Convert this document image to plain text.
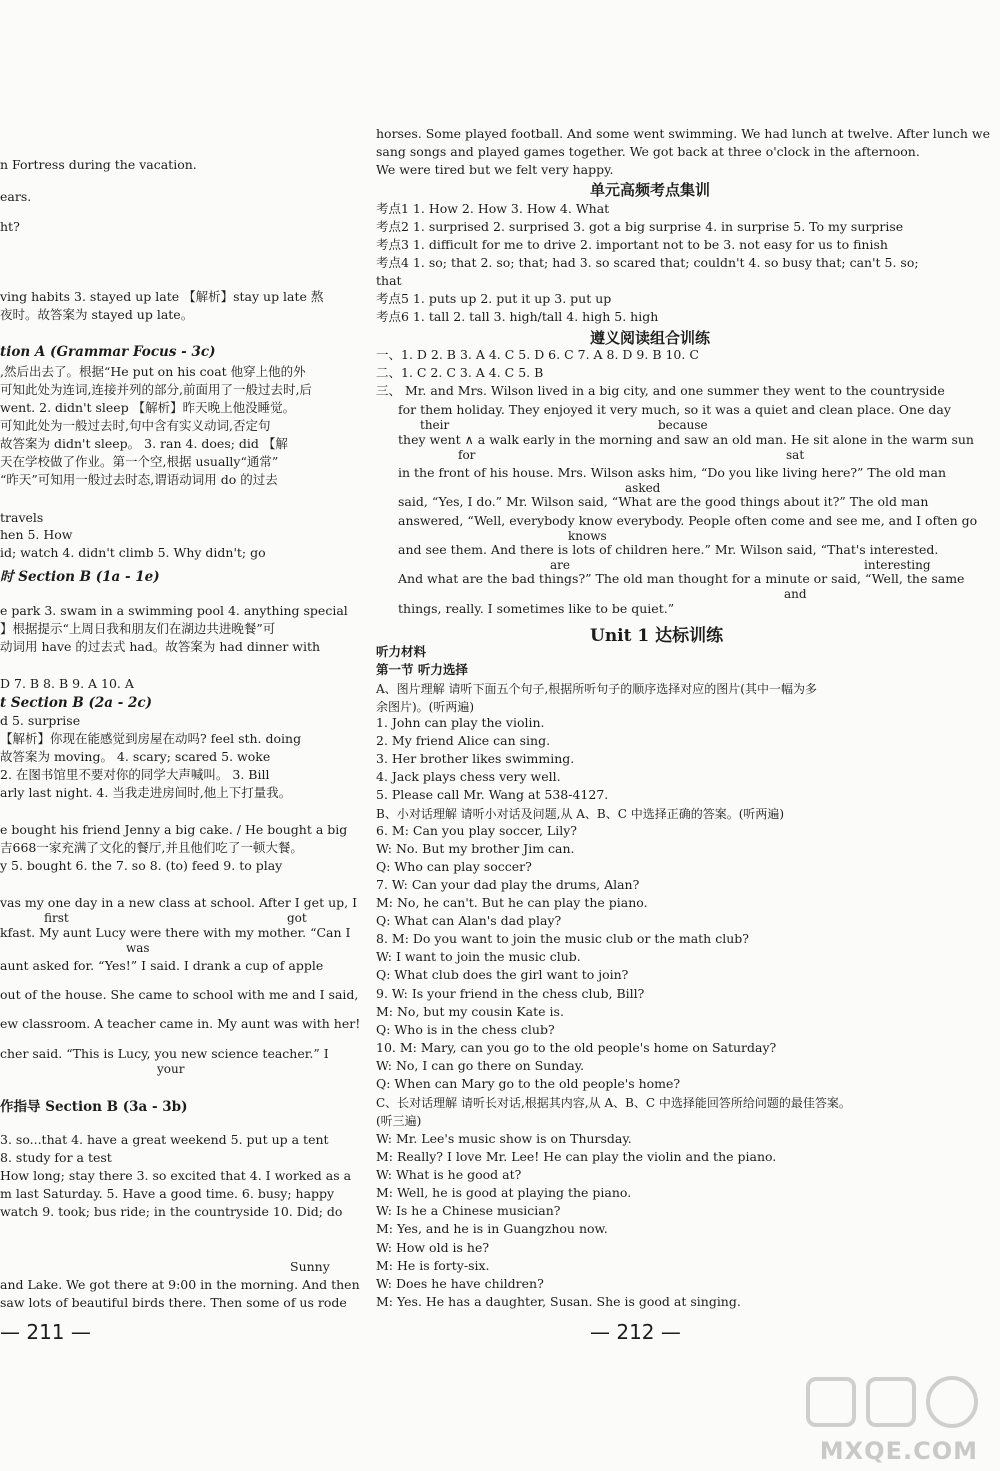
n Fortress during the vacation.
ears.
ht?
ving habits 3. stayed up late 【解析】stay up late 熬
夜时。故答案为 stayed up late。
tion A (Grammar Focus - 3c)
,然后出去了。根据“He put on his coat 他穿上他的外
可知此处为连词,连接并列的部分,前面用了一般过去时,后
went. 2. didn't sleep 【解析】昨天晚上他没睡觉。
可知此处为一般过去时,句中含有实义动词,否定句
故答案为 didn't sleep。 3. ran 4. does; did 【解
天在学校做了作业。第一个空,根据 usually“通常”
“昨天”可知用一般过去时态,谓语动词用 do 的过去
travels
hen 5. How
id; watch 4. didn't climb 5. Why didn't; go
时 Section B (1a - 1e)
e park 3. swam in a swimming pool 4. anything special
】根据提示“上周日我和朋友们在湖边共进晚餐”可
动词用 have 的过去式 had。故答案为 had dinner with
D 7. B 8. B 9. A 10. A
t Section B (2a - 2c)
d 5. surprise
【解析】你现在能感觉到房屋在动吗? feel sth. doing
故答案为 moving。 4. scary; scared 5. woke
2. 在图书馆里不要对你的同学大声喊叫。 3. Bill
arly last night. 4. 当我走进房间时,他上下打量我。
e bought his friend Jenny a big cake. / He bought a big
吉668一家充满了文化的餐厅,并且他们吃了一顿大餐。
y 5. bought 6. the 7. so 8. (to) feed 9. to play
vas my one day in a new class at school. After I get up, I
first	got
kfast. My aunt Lucy were there with my mother. “Can I
was
aunt asked for. “Yes!” I said. I drank a cup of apple
out of the house. She came to school with me and I said,
ew classroom. A teacher came in. My aunt was with her!
cher said. “This is Lucy, you new science teacher.” I
your
作指导 Section B (3a - 3b)
3. so...that 4. have a great weekend 5. put up a tent
8. study for a test
How long; stay there 3. so excited that 4. I worked as a
m last Saturday. 5. Have a good time. 6. busy; happy
watch 9. took; bus ride; in the countryside 10. Did; do
Sunny
and Lake. We got there at 9:00 in the morning. And then
saw lots of beautiful birds there. Then some of us rode
— 211 —
horses. Some played football. And some went swimming. We had lunch at twelve. After lunch we
sang songs and played games together. We got back at three o'clock in the afternoon.
We were tired but we felt very happy.
单元高频考点集训
考点1 1. How 2. How 3. How 4. What
考点2 1. surprised 2. surprised 3. got a big surprise 4. in surprise 5. To my surprise
考点3 1. difficult for me to drive 2. important not to be 3. not easy for us to finish
考点4 1. so; that 2. so; that; had 3. so scared that; couldn't 4. so busy that; can't 5. so;
that
考点5 1. puts up 2. put it up 3. put up
考点6 1. tall 2. tall 3. high/tall 4. high 5. high
遵义阅读组合训练
一、1. D 2. B 3. A 4. C 5. D 6. C 7. A 8. D 9. B 10. C
二、1. C 2. C 3. A 4. C 5. B
三、 Mr. and Mrs. Wilson lived in a big city, and one summer they went to the countryside
for them holiday. They enjoyed it very much, so it was a quiet and clean place. One day
their	because
they went ∧ a walk early in the morning and saw an old man. He sit alone in the warm sun
for	sat
in the front of his house. Mrs. Wilson asks him, “Do you like living here?” The old man
asked
said, “Yes, I do.” Mr. Wilson said, “What are the good things about it?” The old man
answered, “Well, everybody know everybody. People often come and see me, and I often go
knows
and see them. And there is lots of children here.” Mr. Wilson said, “That's interested.
are	interesting
And what are the bad things?” The old man thought for a minute or said, “Well, the same
and
things, really. I sometimes like to be quiet.”
Unit 1 达标训练
听力材料
第一节 听力选择
A、图片理解 请听下面五个句子,根据所听句子的顺序选择对应的图片(其中一幅为多
余图片)。(听两遍)
1. John can play the violin.
2. My friend Alice can sing.
3. Her brother likes swimming.
4. Jack plays chess very well.
5. Please call Mr. Wang at 538-4127.
B、小对话理解 请听小对话及问题,从 A、B、C 中选择正确的答案。(听两遍)
6. M: Can you play soccer, Lily?
W: No. But my brother Jim can.
Q: Who can play soccer?
7. W: Can your dad play the drums, Alan?
M: No, he can't. But he can play the piano.
Q: What can Alan's dad play?
8. M: Do you want to join the music club or the math club?
W: I want to join the music club.
Q: What club does the girl want to join?
9. W: Is your friend in the chess club, Bill?
M: No, but my cousin Kate is.
Q: Who is in the chess club?
10. M: Mary, can you go to the old people's home on Saturday?
W: No, I can go there on Sunday.
Q: When can Mary go to the old people's home?
C、长对话理解 请听长对话,根据其内容,从 A、B、C 中选择能回答所给问题的最佳答案。
(听三遍)
W: Mr. Lee's music show is on Thursday.
M: Really? I love Mr. Lee! He can play the violin and the piano.
W: What is he good at?
M: Well, he is good at playing the piano.
W: Is he a Chinese musician?
M: Yes, and he is in Guangzhou now.
W: How old is he?
M: He is forty-six.
W: Does he have children?
M: Yes. He has a daughter, Susan. She is good at singing.
— 212 —
MXQE.COM
